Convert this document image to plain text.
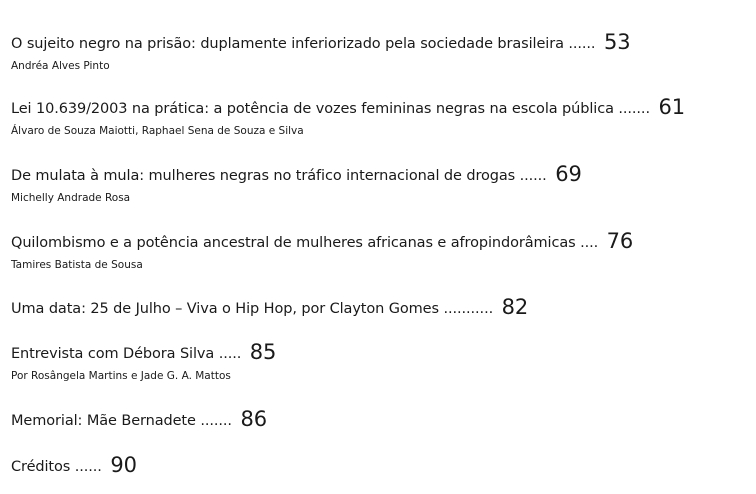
O sujeito negro na prisão: duplamente inferiorizado pela sociedade brasileira ...... 53
Andréa Alves Pinto
Lei 10.639/2003 na prática: a potência de vozes femininas negras na escola pública ....... 61
Álvaro de Souza Maiotti, Raphael Sena de Souza e Silva
De mulata à mula: mulheres negras no tráfico internacional de drogas ...... 69
Michelly Andrade Rosa
Quilombismo e a potência ancestral de mulheres africanas e afropindorâmicas .... 76
Tamires Batista de Sousa
Uma data: 25 de Julho – Viva o Hip Hop, por Clayton Gomes ........... 82
Entrevista com Débora Silva ..... 85
Por Rosângela Martins e Jade G. A. Mattos
Memorial: Mãe Bernadete ....... 86
Créditos ...... 90
